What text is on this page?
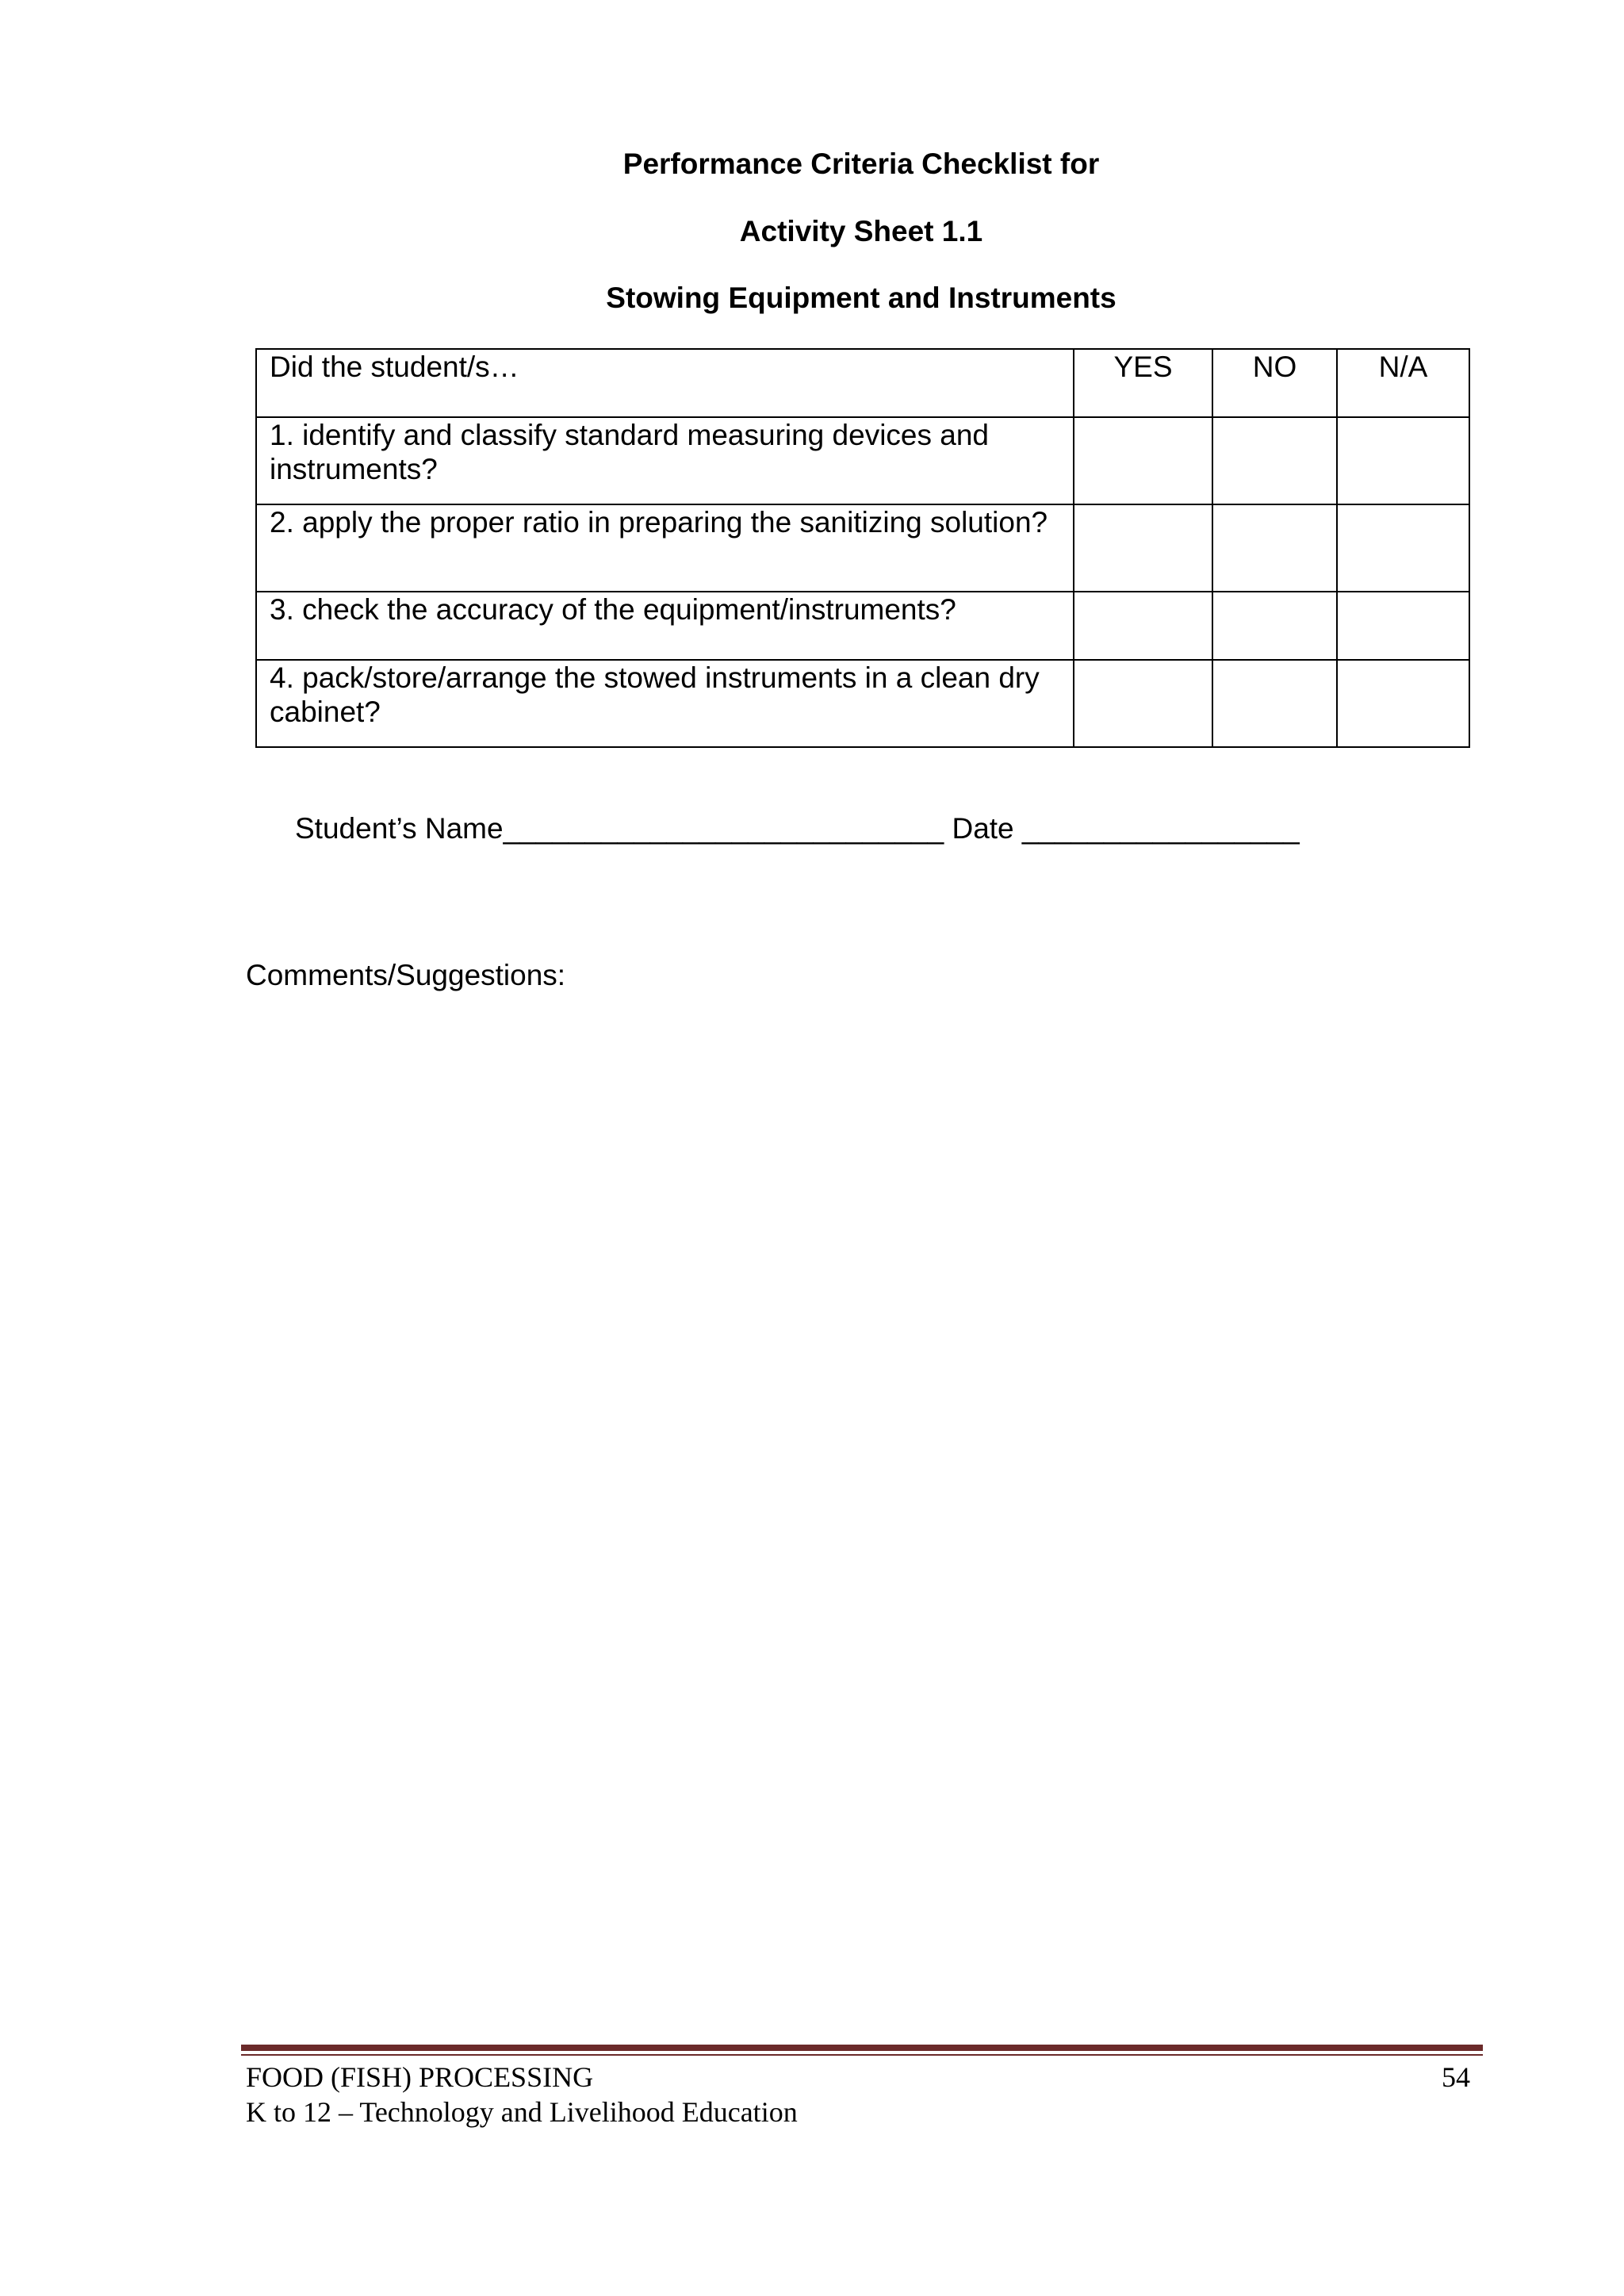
Performance Criteria Checklist for
Activity Sheet 1.1
Stowing Equipment and Instruments
Did the student/s…	YES	NO	N/A
1. identify and classify standard measuring devices and instruments?			
2. apply the proper ratio in preparing the sanitizing solution?			
3. check the accuracy of the equipment/instruments?			
4. pack/store/arrange the stowed instruments in a clean dry cabinet?			
Student’s Name___________________________ Date _________________
Comments/Suggestions:
FOOD (FISH) PROCESSING
K to 12 – Technology and Livelihood Education
54
